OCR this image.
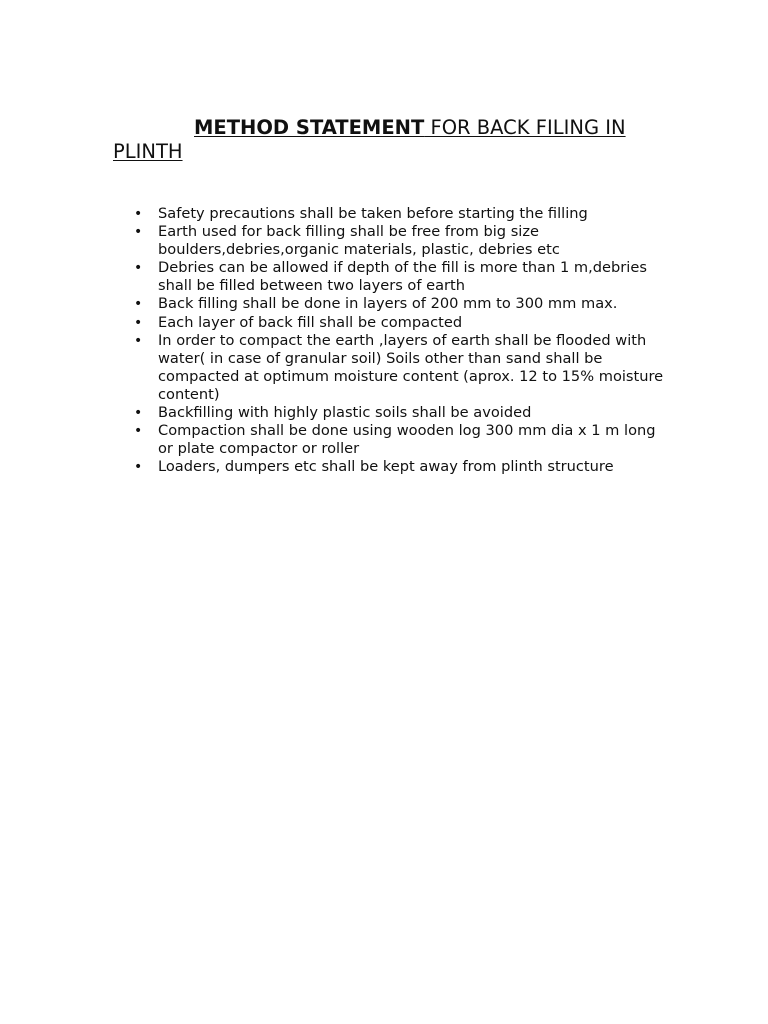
METHOD STATEMENT FOR BACK FILING IN PLINTH
• Safety precautions shall be taken before starting the filling
• Earth used for back filling shall be free from big size boulders,debries,organic materials, plastic, debries etc
• Debries can be allowed if depth of the fill is more than 1 m,debries shall be filled between two layers of earth
• Back filling shall be done in layers of 200 mm to 300 mm max.
• Each layer of back fill shall be compacted
• In order to compact the earth ,layers of earth shall be flooded with water( in case of granular soil) Soils other than sand shall be compacted at optimum moisture content (aprox. 12 to 15% moisture content)
• Backfilling with highly plastic soils shall be avoided
• Compaction shall be done using wooden log 300 mm dia x 1 m long or plate compactor or roller
• Loaders, dumpers etc shall be kept away from plinth structure
